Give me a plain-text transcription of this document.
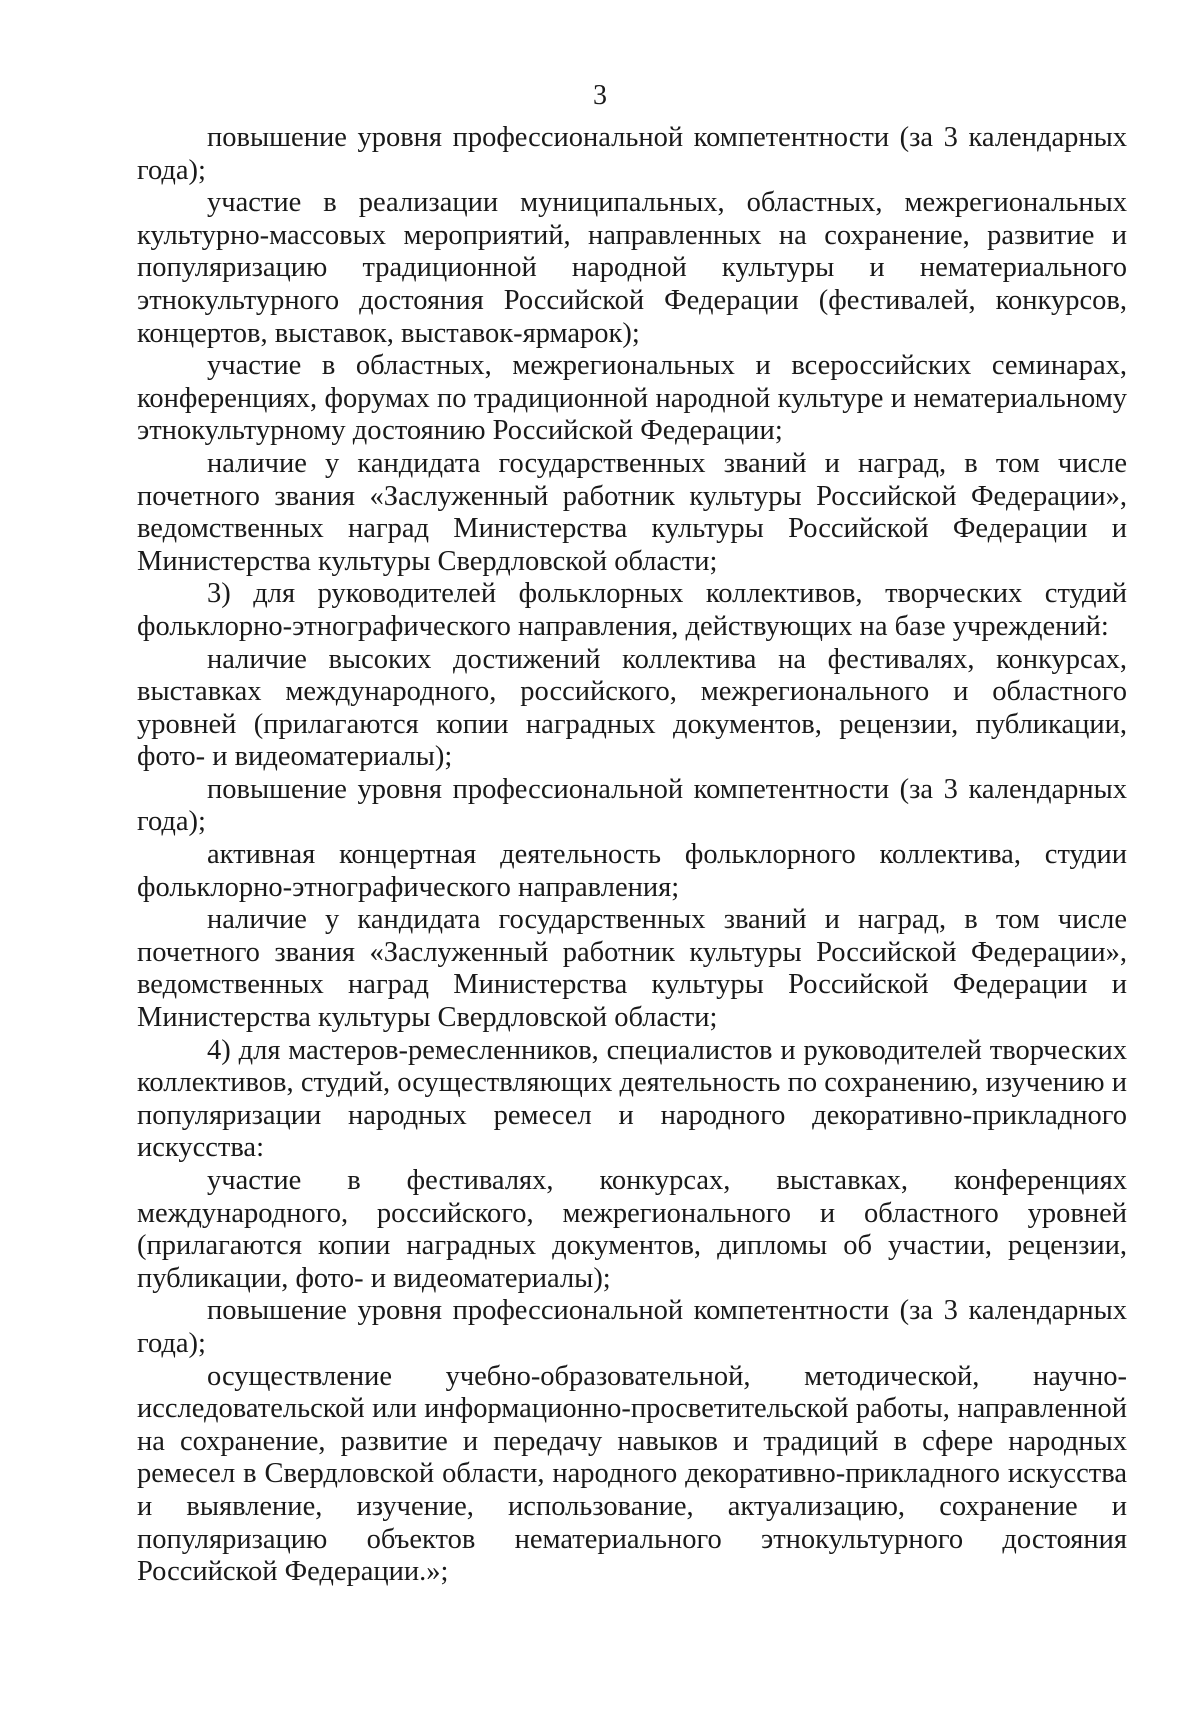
3

повышение уровня профессиональной компетентности (за 3 календарных года);

участие в реализации муниципальных, областных, межрегиональных культурно-массовых мероприятий, направленных на сохранение, развитие и популяризацию традиционной народной культуры и нематериального этнокультурного достояния Российской Федерации (фестивалей, конкурсов, концертов, выставок, выставок-ярмарок);

участие в областных, межрегиональных и всероссийских семинарах, конференциях, форумах по традиционной народной культуре и нематериальному этнокультурному достоянию Российской Федерации;

наличие у кандидата государственных званий и наград, в том числе почетного звания «Заслуженный работник культуры Российской Федерации», ведомственных наград Министерства культуры Российской Федерации и Министерства культуры Свердловской области;

3) для руководителей фольклорных коллективов, творческих студий фольклорно-этнографического направления, действующих на базе учреждений:

наличие высоких достижений коллектива на фестивалях, конкурсах, выставках международного, российского, межрегионального и областного уровней (прилагаются копии наградных документов, рецензии, публикации, фото- и видеоматериалы);

повышение уровня профессиональной компетентности (за 3 календарных года);

активная концертная деятельность фольклорного коллектива, студии фольклорно-этнографического направления;

наличие у кандидата государственных званий и наград, в том числе почетного звания «Заслуженный работник культуры Российской Федерации», ведомственных наград Министерства культуры Российской Федерации и Министерства культуры Свердловской области;

4) для мастеров-ремесленников, специалистов и руководителей творческих коллективов, студий, осуществляющих деятельность по сохранению, изучению и популяризации народных ремесел и народного декоративно-прикладного искусства:

участие в фестивалях, конкурсах, выставках, конференциях международного, российского, межрегионального и областного уровней (прилагаются копии наградных документов, дипломы об участии, рецензии, публикации, фото- и видеоматериалы);

повышение уровня профессиональной компетентности (за 3 календарных года);

осуществление учебно-образовательной, методической, научно-исследовательской или информационно-просветительской работы, направленной на сохранение, развитие и передачу навыков и традиций в сфере народных ремесел в Свердловской области, народного декоративно-прикладного искусства и выявление, изучение, использование, актуализацию, сохранение и популяризацию объектов нематериального этнокультурного достояния Российской Федерации.»;
